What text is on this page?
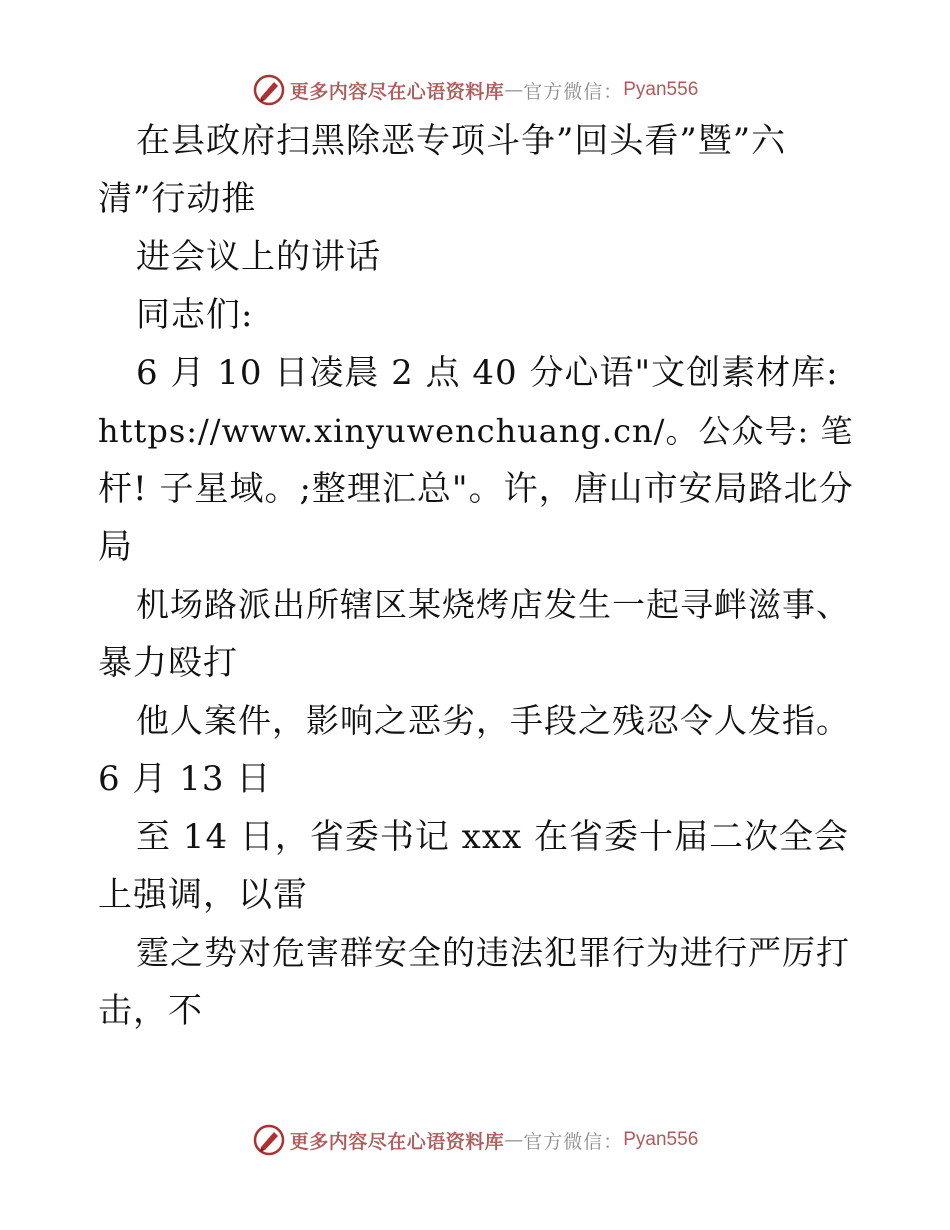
更多内容尽在心语资料库 — 官方微信： Pyan556
在县政府扫黑除恶专项斗争”回头看”暨”六
清”行动推
进会议上的讲话
同志们:
6 月 10 日凌晨 2 点 40 分心语"文创素材库:
https://www.xinyuwenchuang.cn/。公众号: 笔
杆! 子星域。;整理汇总"。许，唐山市安局路北分
局
机场路派出所辖区某烧烤店发生一起寻衅滋事、
暴力殴打
他人案件，影响之恶劣，手段之残忍令人发指。
6 月 13 日
至 14 日，省委书记 xxx 在省委十届二次全会
上强调，以雷
霆之势对危害群安全的违法犯罪行为进行严厉打
击，不
更多内容尽在心语资料库 — 官方微信： Pyan556
